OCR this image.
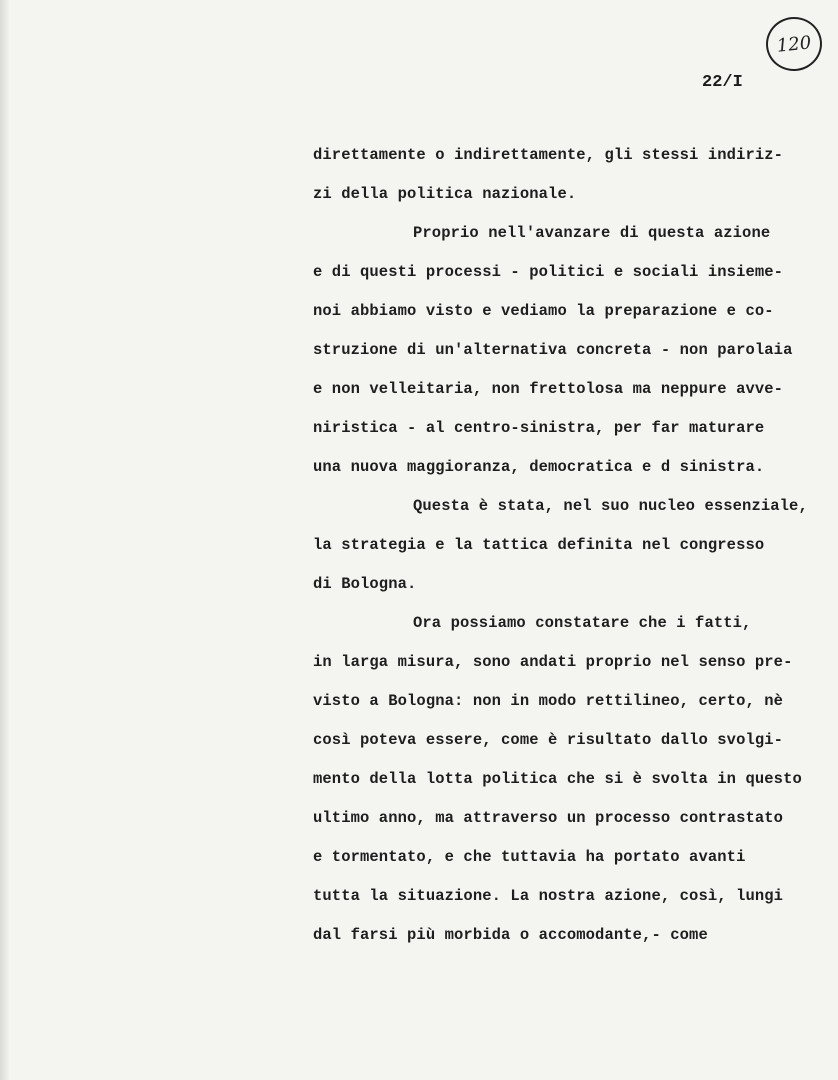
120
22/I
direttamente o indirettamente, gli stessi indiriz-
zi della politica nazionale.
Proprio nell'avanzare di questa azione
e di questi processi - politici e sociali insieme-
noi abbiamo visto e vediamo la preparazione e co-
struzione di un'alternativa concreta - non parolaia
e non velleitaria, non frettolosa ma neppure avve-
niristica - al centro-sinistra, per far maturare
una nuova maggioranza, democratica e d sinistra.
Questa è stata, nel suo nucleo essenziale,
la strategia e la tattica definita nel congresso
di Bologna.
Ora possiamo constatare che i fatti,
in larga misura, sono andati proprio nel senso pre-
visto a Bologna: non in modo rettilineo, certo, nè
così poteva essere, come è risultato dallo svolgi-
mento della lotta politica che si è svolta in questo
ultimo anno, ma attraverso un processo contrastato
e tormentato, e che tuttavia ha portato avanti
tutta la situazione. La nostra azione, così, lungi
dal farsi più morbida o accomodante,- come
